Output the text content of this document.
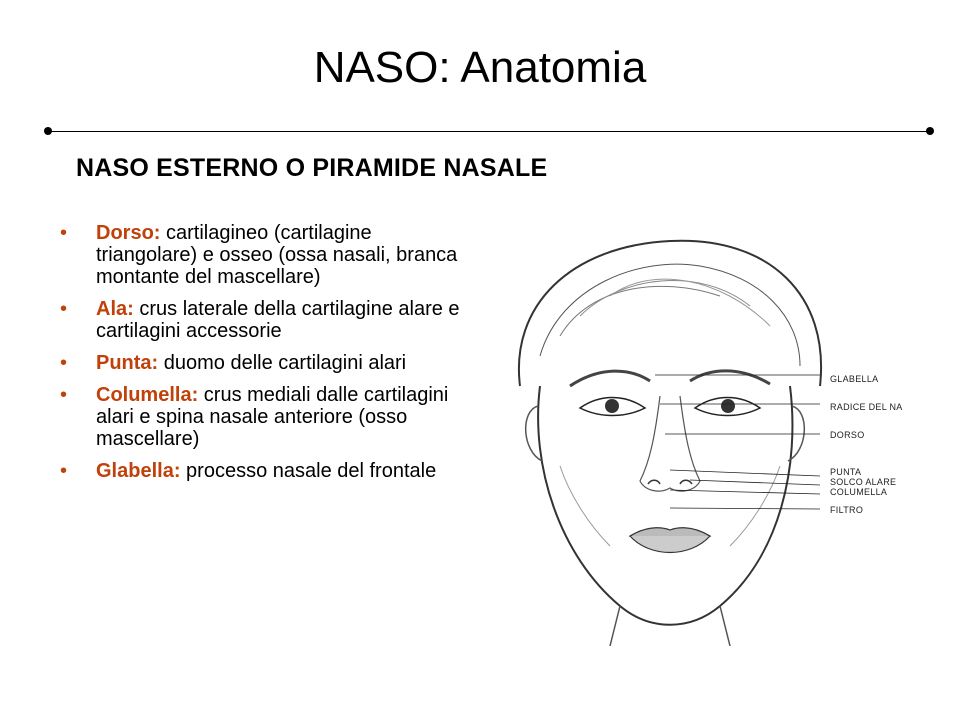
NASO: Anatomia
NASO ESTERNO O PIRAMIDE NASALE
• Dorso: cartilagineo (cartilagine triangolare) e osseo (ossa nasali, branca montante del mascellare)
• Ala: crus laterale della cartilagine alare e cartilagini accessorie
• Punta: duomo delle cartilagini alari
• Columella: crus mediali dalle cartilagini alari e spina nasale anteriore (osso mascellare)
• Glabella: processo nasale del frontale
GLABELLA
RADICE DEL NA
DORSO
PUNTA
SOLCO ALARE
COLUMELLA
FILTRO
